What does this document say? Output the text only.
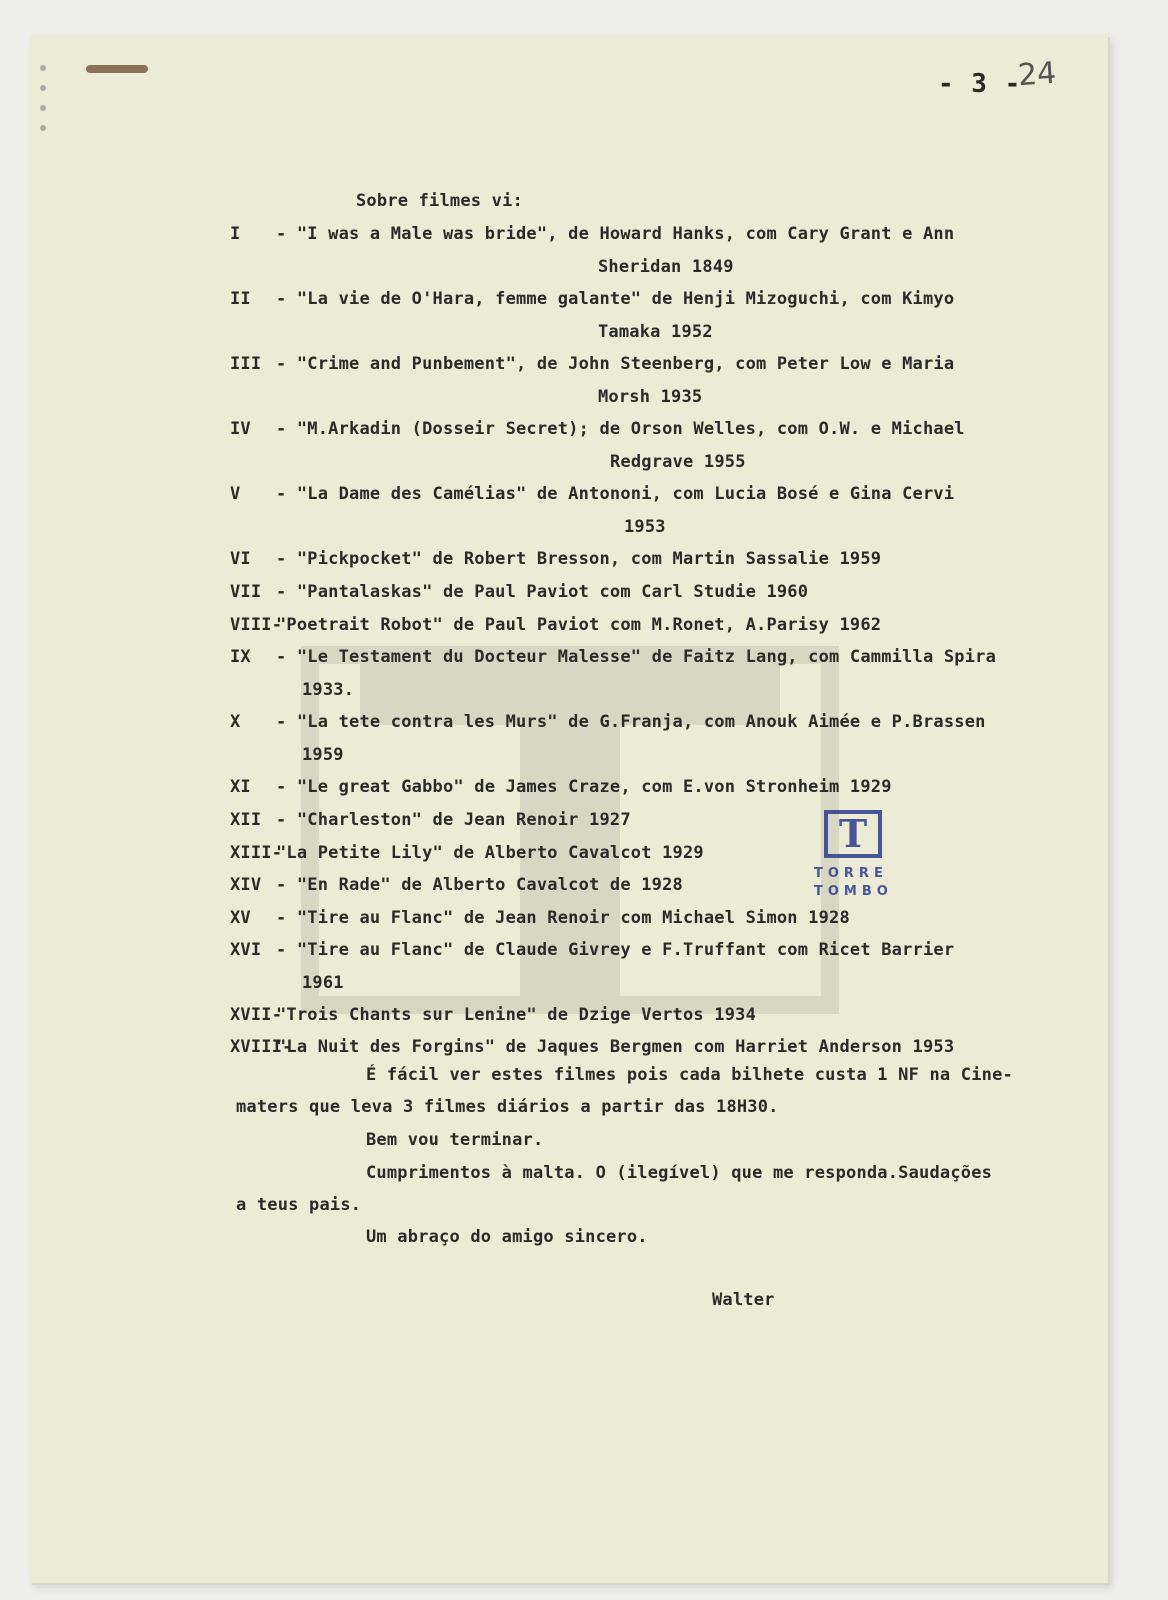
- 3 -
24
Sobre filmes vi:
I - "I was a Male was bride", de Howard Hanks, com Cary Grant e Ann
Sheridan 1849
II - "La vie de O'Hara, femme galante" de Henji Mizoguchi, com Kimyo
Tamaka 1952
III - "Crime and Punbement", de John Steenberg, com Peter Low e Maria
Morsh 1935
IV - "M.Arkadin (Dosseir Secret); de Orson Welles, com O.W. e Michael
Redgrave 1955
V - "La Dame des Camélias" de Antononi, com Lucia Bosé e Gina Cervi
1953
VI - "Pickpocket" de Robert Bresson, com Martin Sassalie 1959
VII - "Pantalaskas" de Paul Paviot com Carl Studie 1960
VIII-
"Poetrait Robot" de Paul Paviot com M.Ronet, A.Parisy 1962
IX - "Le Testament du Docteur Malesse" de Faitz Lang, com Cammilla Spira
1933.
X - "La tete contra les Murs" de G.Franja, com Anouk Aimée e P.Brassen
1959
XI - "Le great Gabbo" de James Craze, com E.von Stronheim 1929
XII - "Charleston" de Jean Renoir 1927
XIII-
"La Petite Lily" de Alberto Cavalcot 1929
XIV - "En Rade" de Alberto Cavalcot de 1928
XV - "Tire au Flanc" de Jean Renoir com Michael Simon 1928
XVI - "Tire au Flanc" de Claude Givrey e F.Truffant com Ricet Barrier
1961
XVII-
"Trois Chants sur Lenine" de Dzige Vertos 1934
XVIII-
"La Nuit des Forgins" de Jaques Bergmen com Harriet Anderson 1953
É fácil ver estes filmes pois cada bilhete custa 1 NF na Cine-
maters que leva 3 filmes diários a partir das 18H30.
Bem vou terminar.
Cumprimentos à malta. O (ilegível) que me responda.Saudações
a teus pais.
Um abraço do amigo sincero.
Walter
T
TORRE
TOMBO
